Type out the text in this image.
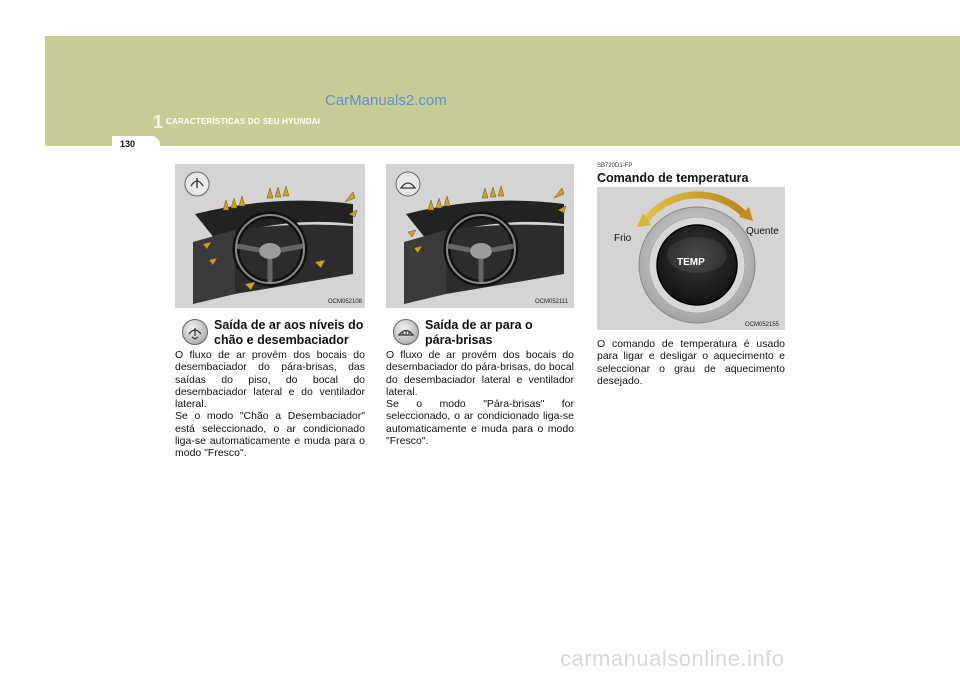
1 CARACTERÍSTICAS DO SEU HYUNDAI
CarManuals2.com
130
OCM052108
Saída de ar aos níveis do
chão e desembaciador

O fluxo de ar provém dos bocais do desembaciador do pára-brisas, das saídas do piso, do bocal do desembaciador lateral e do ventilador lateral.

Se o modo "Chão a Desembaciador" está seleccionado, o ar condicionado liga-se automaticamente e muda para o modo "Fresco".

OCM052111
Saída de ar para o
pára-brisas

O fluxo de ar provém dos bocais do desembaciador do pára-brisas, do bocal do desembaciador lateral e ventilador lateral.

Se o modo "Pára-brisas" for seleccionado, o ar condicionado liga-se automaticamente e muda para o modo "Fresco".

SB720D1-FP
Comando de temperatura
Frio
Quente
TEMP
OCM052155

O comando de temperatura é usado para ligar e desligar o aquecimento e seleccionar o grau de aquecimento desejado.

carmanualsonline.info
